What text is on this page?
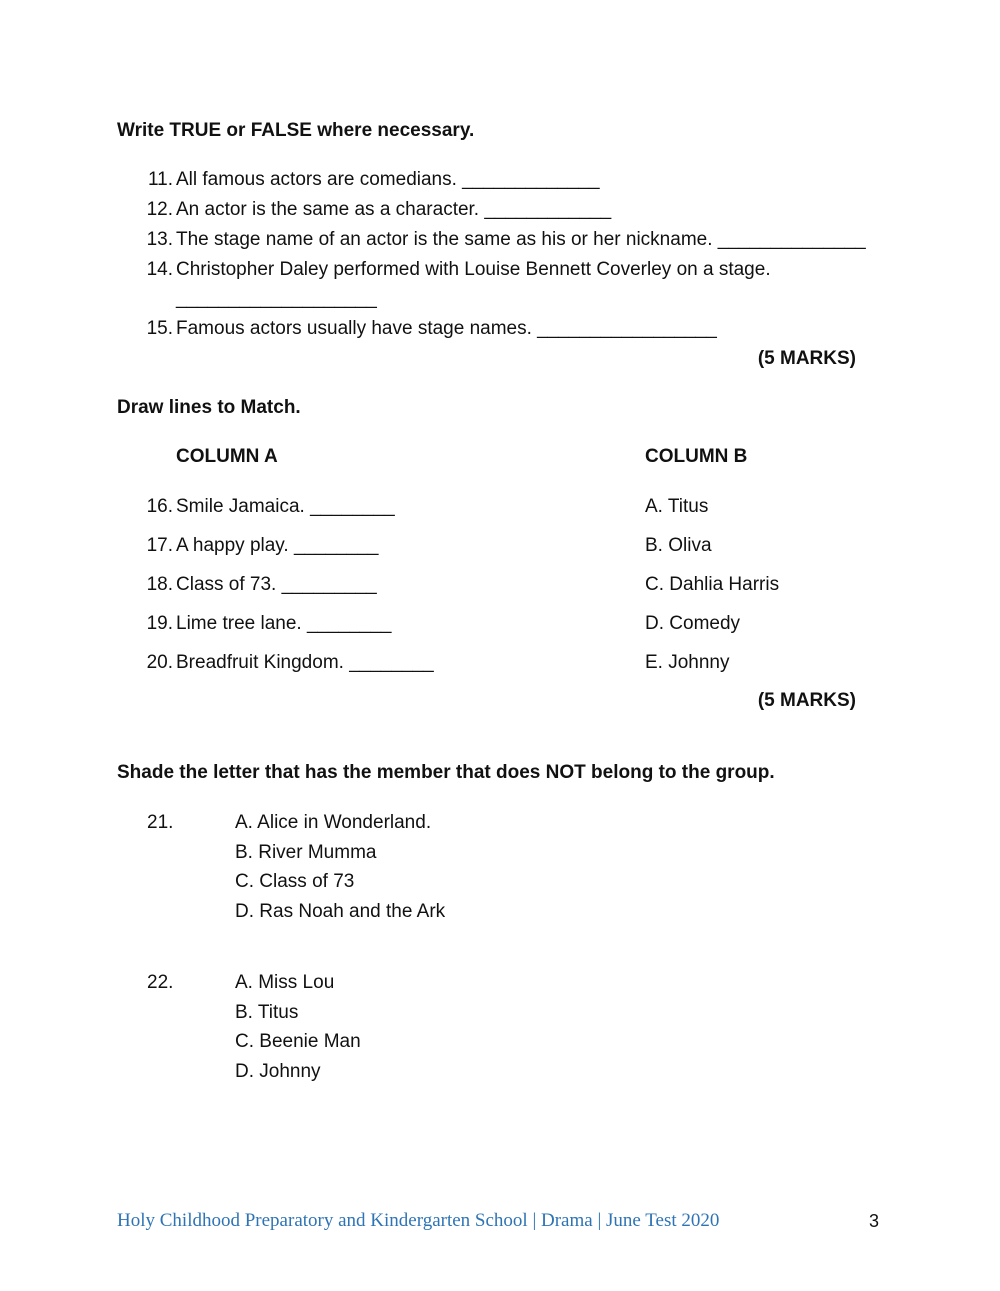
Write TRUE or FALSE where necessary.
11. All famous actors are comedians. _____________
12. An actor is the same as a character. ____________
13. The stage name of an actor is the same as his or her nickname. ______________
14. Christopher Daley performed with Louise Bennett Coverley on a stage.
___________________
15. Famous actors usually have stage names. _________________
(5 MARKS)
Draw lines to Match.
COLUMN A	COLUMN B
16. Smile Jamaica. ________	A. Titus
17. A happy play. ________	B. Oliva
18. Class of 73. _________	C. Dahlia Harris
19. Lime tree lane. ________	D. Comedy
20. Breadfruit Kingdom. ________	E. Johnny
(5 MARKS)
Shade the letter that has the member that does NOT belong to the group.
21.	A. Alice in Wonderland.
B. River Mumma
C. Class of 73
D. Ras Noah and the Ark
22.	A. Miss Lou
B. Titus
C. Beenie Man
D. Johnny
Holy Childhood Preparatory and Kindergarten School | Drama | June Test 2020	3
